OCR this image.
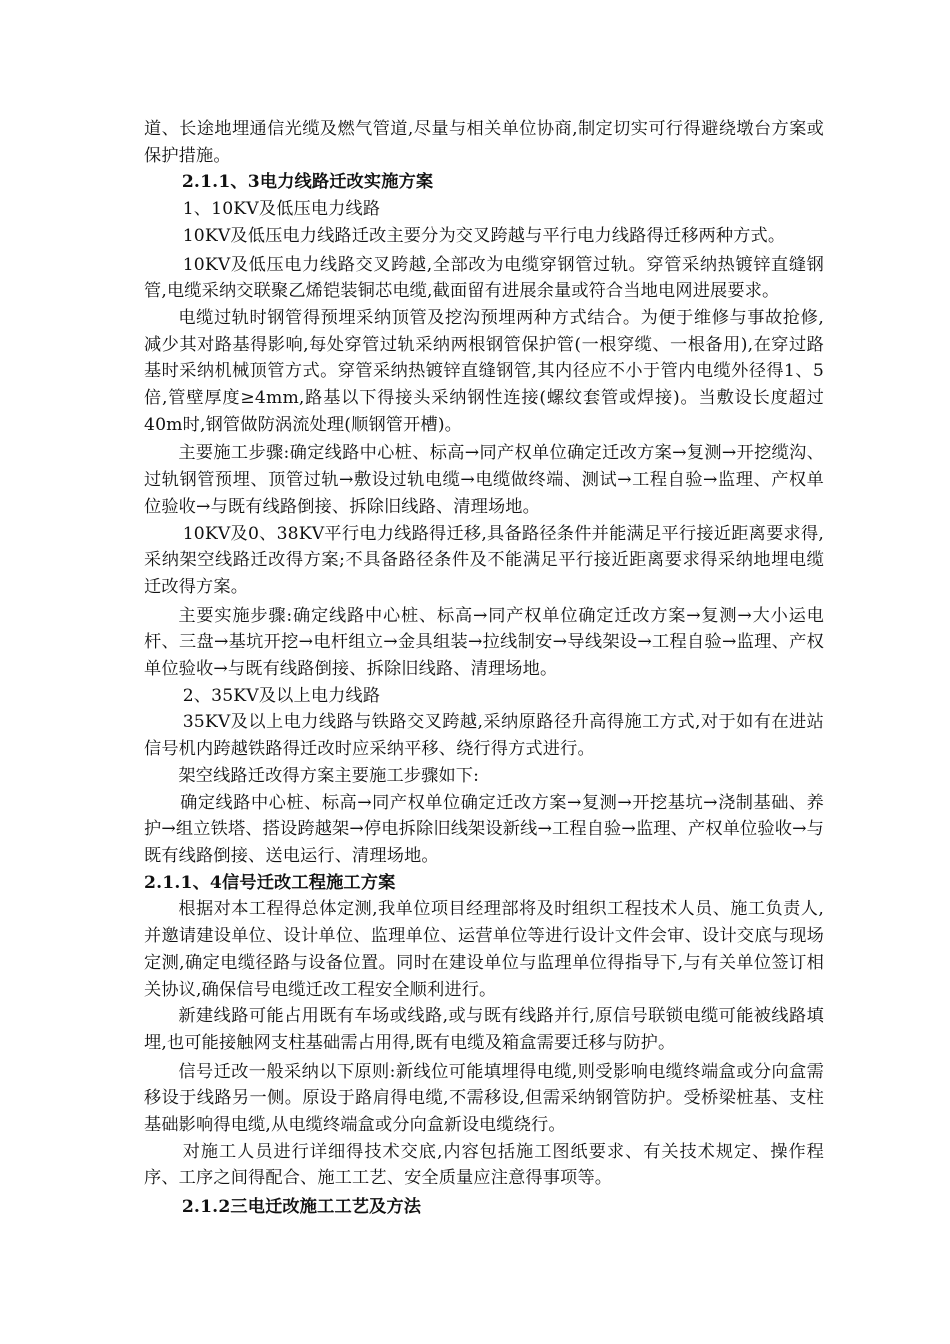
道、长途地埋通信光缆及燃气管道,尽量与相关单位协商,制定切实可行得避绕墩台方案或保护措施。

2.1.1、3电力线路迁改实施方案

1、10KV及低压电力线路

10KV及低压电力线路迁改主要分为交叉跨越与平行电力线路得迁移两种方式。

10KV及低压电力线路交叉跨越,全部改为电缆穿钢管过轨。穿管采纳热镀锌直缝钢管,电缆采纳交联聚乙烯铠装铜芯电缆,截面留有进展余量或符合当地电网进展要求。

电缆过轨时钢管得预埋采纳顶管及挖沟预埋两种方式结合。为便于维修与事故抢修,减少其对路基得影响,每处穿管过轨采纳两根钢管保护管(一根穿缆、一根备用),在穿过路基时采纳机械顶管方式。穿管采纳热镀锌直缝钢管,其内径应不小于管内电缆外径得1、5倍,管壁厚度≥4mm,路基以下得接头采纳钢性连接(螺纹套管或焊接)。当敷设长度超过40m时,钢管做防涡流处理(顺钢管开槽)。

主要施工步骤:确定线路中心桩、标高→同产权单位确定迁改方案→复测→开挖缆沟、过轨钢管预埋、顶管过轨→敷设过轨电缆→电缆做终端、测试→工程自验→监理、产权单位验收→与既有线路倒接、拆除旧线路、清理场地。

10KV及0、38KV平行电力线路得迁移,具备路径条件并能满足平行接近距离要求得,采纳架空线路迁改得方案;不具备路径条件及不能满足平行接近距离要求得采纳地埋电缆迁改得方案。

主要实施步骤:确定线路中心桩、标高→同产权单位确定迁改方案→复测→大小运电杆、三盘→基坑开挖→电杆组立→金具组装→拉线制安→导线架设→工程自验→监理、产权单位验收→与既有线路倒接、拆除旧线路、清理场地。

2、35KV及以上电力线路

35KV及以上电力线路与铁路交叉跨越,采纳原路径升高得施工方式,对于如有在进站信号机内跨越铁路得迁改时应采纳平移、绕行得方式进行。

架空线路迁改得方案主要施工步骤如下:

确定线路中心桩、标高→同产权单位确定迁改方案→复测→开挖基坑→浇制基础、养护→组立铁塔、搭设跨越架→停电拆除旧线架设新线→工程自验→监理、产权单位验收→与既有线路倒接、送电运行、清理场地。

2.1.1、4信号迁改工程施工方案

根据对本工程得总体定测,我单位项目经理部将及时组织工程技术人员、施工负责人,并邀请建设单位、设计单位、监理单位、运营单位等进行设计文件会审、设计交底与现场定测,确定电缆径路与设备位置。同时在建设单位与监理单位得指导下,与有关单位签订相关协议,确保信号电缆迁改工程安全顺利进行。

新建线路可能占用既有车场或线路,或与既有线路并行,原信号联锁电缆可能被线路填埋,也可能接触网支柱基础需占用得,既有电缆及箱盒需要迁移与防护。

信号迁改一般采纳以下原则:新线位可能填埋得电缆,则受影响电缆终端盒或分向盒需移设于线路另一侧。原设于路肩得电缆,不需移设,但需采纳钢管防护。受桥梁桩基、支柱基础影响得电缆,从电缆终端盒或分向盒新设电缆绕行。

对施工人员进行详细得技术交底,内容包括施工图纸要求、有关技术规定、操作程序、工序之间得配合、施工工艺、安全质量应注意得事项等。

2.1.2三电迁改施工工艺及方法
